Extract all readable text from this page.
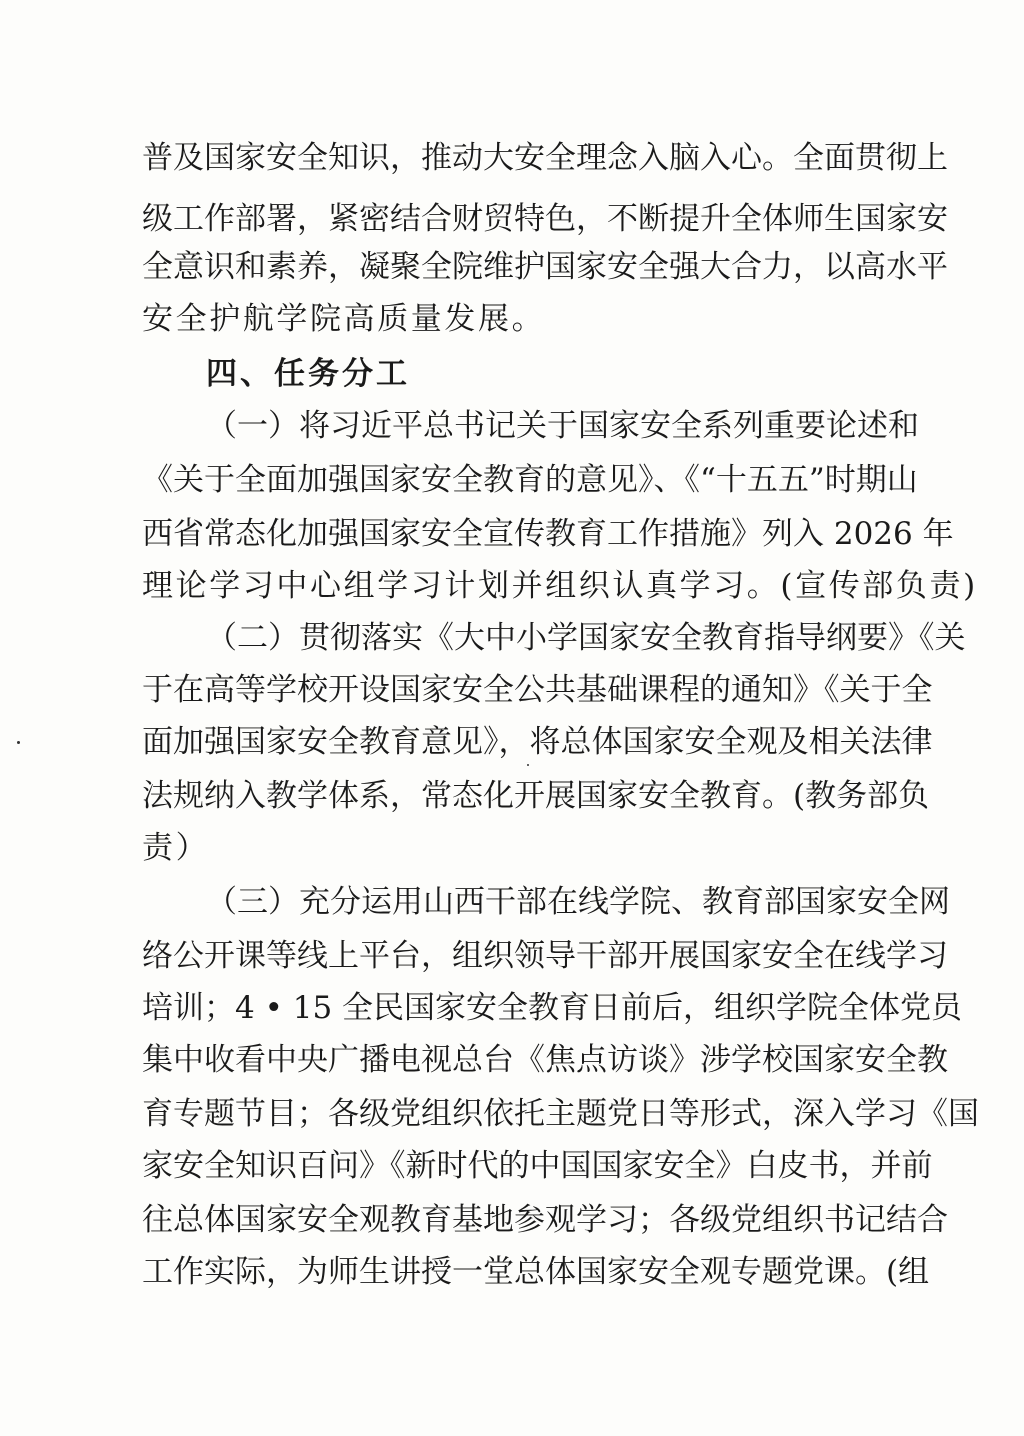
普及国家安全知识，推动大安全理念入脑入心。全面贯彻上
级工作部署，紧密结合财贸特色，不断提升全体师生国家安
全意识和素养，凝聚全院维护国家安全强大合力，以高水平
安全护航学院高质量发展。
四、任务分工
（一）将习近平总书记关于国家安全系列重要论述和
《关于全面加强国家安全教育的意见》、《“十五五”时期山
西省常态化加强国家安全宣传教育工作措施》列入 2026 年
理论学习中心组学习计划并组织认真学习。(宣传部负责)
（二）贯彻落实《大中小学国家安全教育指导纲要》《关
于在高等学校开设国家安全公共基础课程的通知》《关于全
面加强国家安全教育意见》，将总体国家安全观及相关法律
法规纳入教学体系，常态化开展国家安全教育。(教务部负
责）
（三）充分运用山西干部在线学院、教育部国家安全网
络公开课等线上平台，组织领导干部开展国家安全在线学习
培训；4 • 15 全民国家安全教育日前后，组织学院全体党员
集中收看中央广播电视总台《焦点访谈》涉学校国家安全教
育专题节目；各级党组织依托主题党日等形式，深入学习《国
家安全知识百问》《新时代的中国国家安全》白皮书，并前
往总体国家安全观教育基地参观学习；各级党组织书记结合
工作实际，为师生讲授一堂总体国家安全观专题党课。(组
